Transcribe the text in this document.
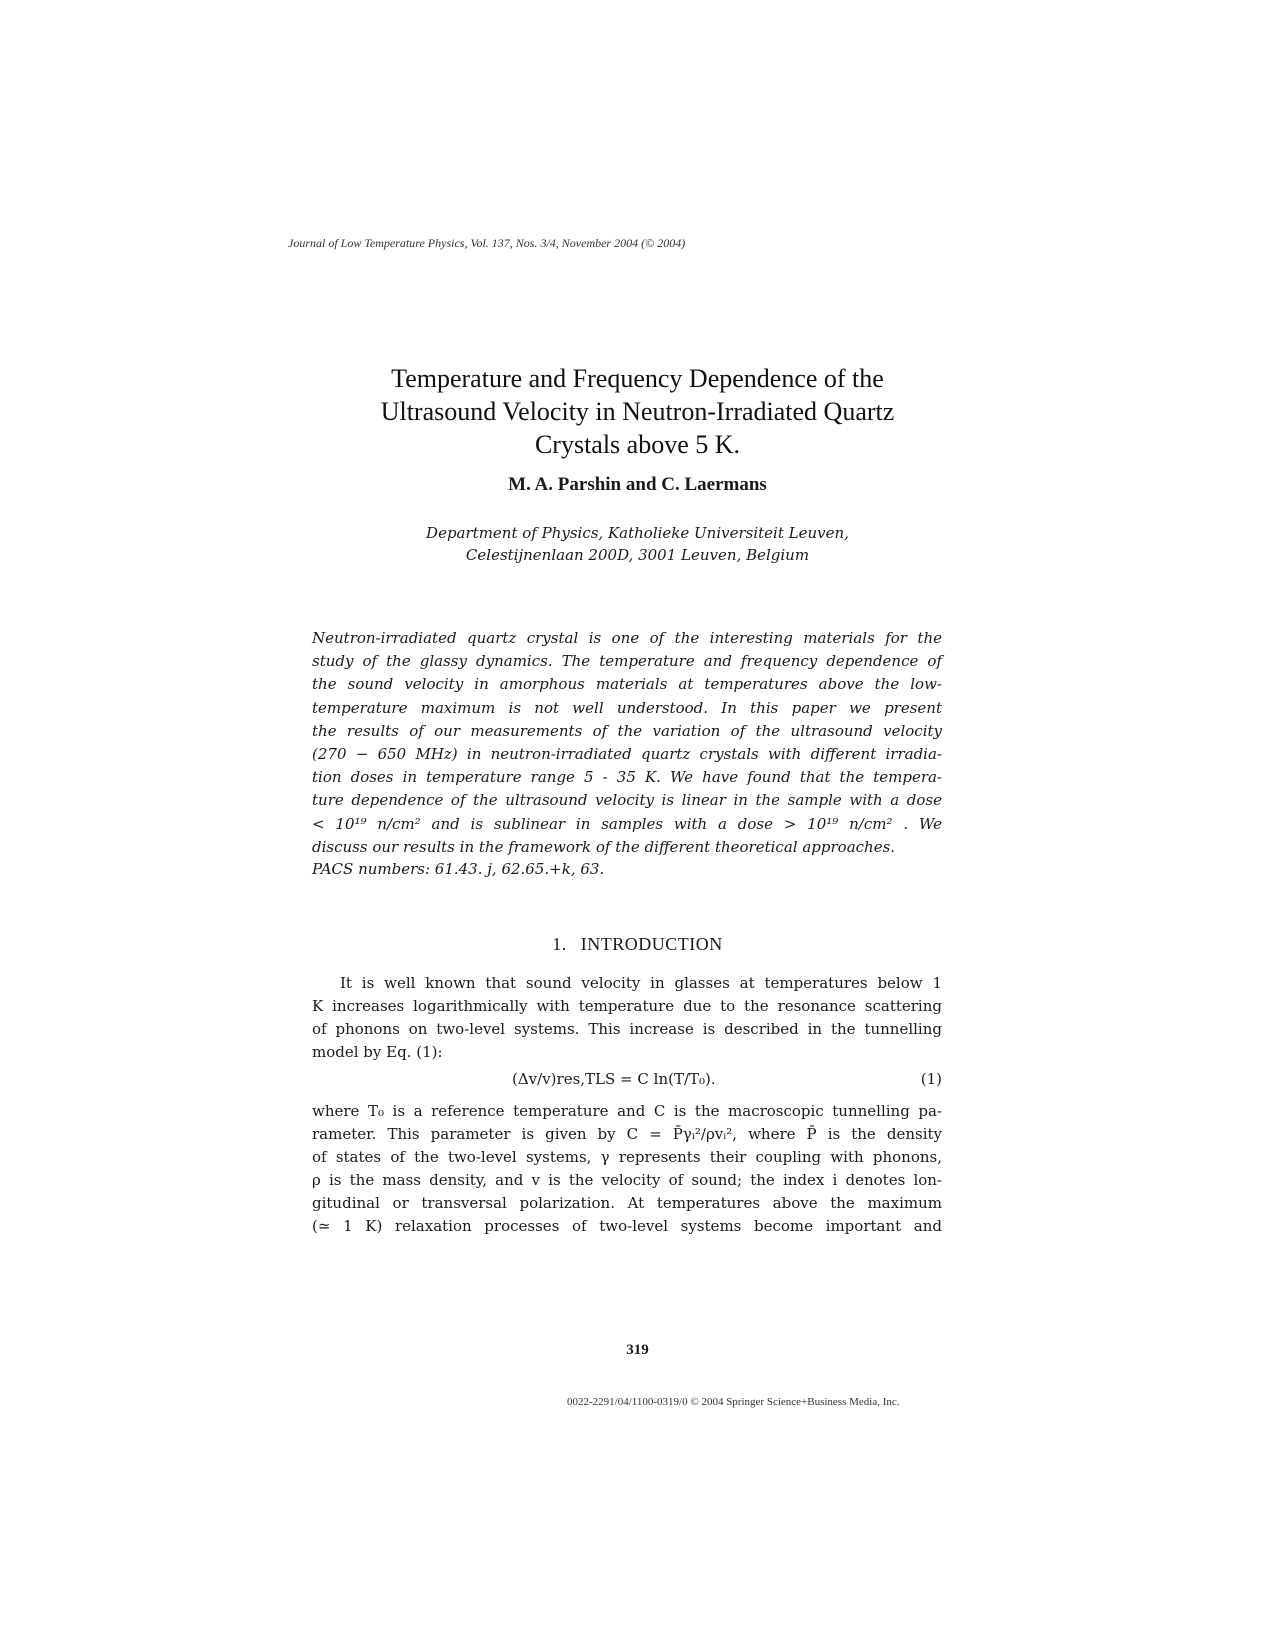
Journal of Low Temperature Physics, Vol. 137, Nos. 3/4, November 2004 (© 2004)
Temperature and Frequency Dependence of the
Ultrasound Velocity in Neutron-Irradiated Quartz
Crystals above 5 K.
M. A. Parshin and C. Laermans
Department of Physics, Katholieke Universiteit Leuven,
Celestijnenlaan 200D, 3001 Leuven, Belgium
Neutron-irradiated quartz crystal is one of the interesting materials for the
study of the glassy dynamics. The temperature and frequency dependence of
the sound velocity in amorphous materials at temperatures above the low-
temperature maximum is not well understood. In this paper we present
the results of our measurements of the variation of the ultrasound velocity
(270 − 650 MHz) in neutron-irradiated quartz crystals with different irradia-
tion doses in temperature range 5 - 35 K. We have found that the tempera-
ture dependence of the ultrasound velocity is linear in the sample with a dose
< 10¹⁹ n/cm² and is sublinear in samples with a dose > 10¹⁹ n/cm² . We
discuss our results in the framework of the different theoretical approaches.
PACS numbers: 61.43. j, 62.65.+k, 63.
1. INTRODUCTION
It is well known that sound velocity in glasses at temperatures below 1
K increases logarithmically with temperature due to the resonance scattering
of phonons on two-level systems. This increase is described in the tunnelling
model by Eq. (1):
(Δv/v)res,TLS = C ln(T/T₀).	(1)
where T₀ is a reference temperature and C is the macroscopic tunnelling pa-
rameter. This parameter is given by C = P̄γᵢ²/ρvᵢ², where P̄ is the density
of states of the two-level systems, γ represents their coupling with phonons,
ρ is the mass density, and v is the velocity of sound; the index i denotes lon-
gitudinal or transversal polarization. At temperatures above the maximum
(≃ 1 K) relaxation processes of two-level systems become important and
319
0022-2291/04/1100-0319/0 © 2004 Springer Science+Business Media, Inc.
